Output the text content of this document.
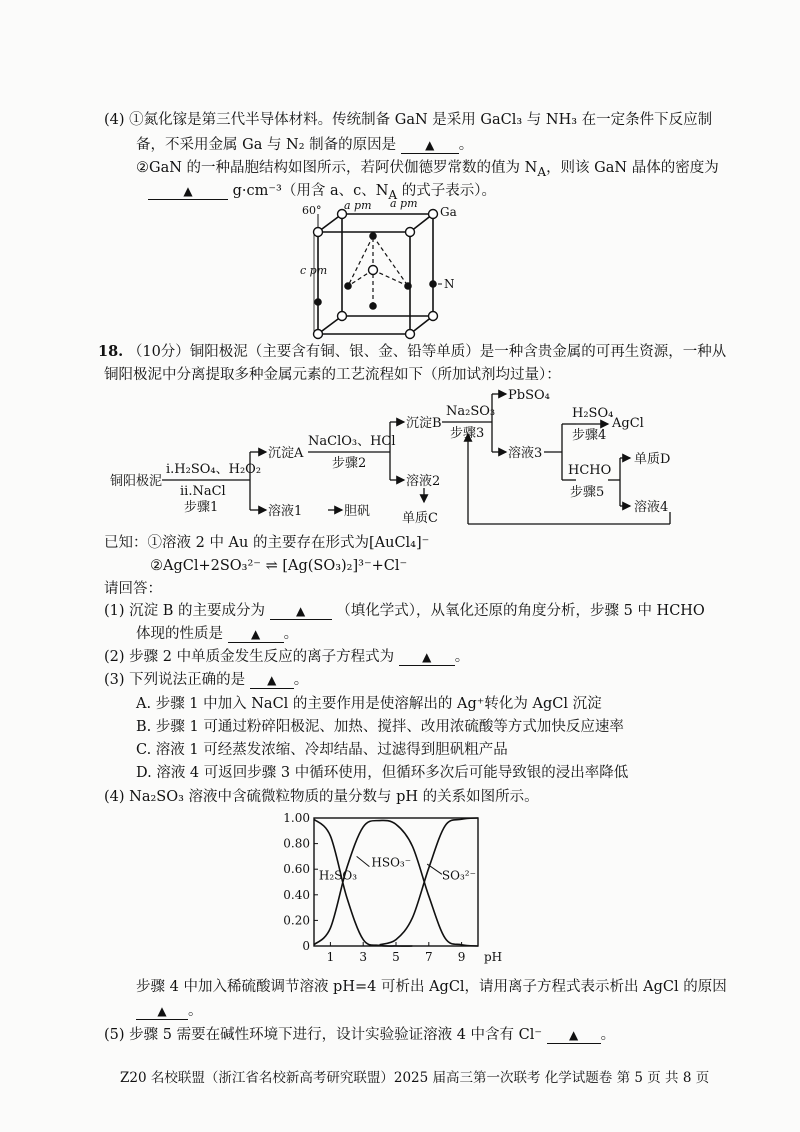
(4) ①氮化镓是第三代半导体材料。传统制备 GaN 是采用 GaCl₃ 与 NH₃ 在一定条件下反应制
备，不采用金属 Ga 与 N₂ 制备的原因是 ▲ 。
②GaN 的一种晶胞结构如图所示，若阿伏伽德罗常数的值为 $N_A$，则该 GaN 晶体的密度为
▲	g·cm⁻³（用含 a、c、$N_A$ 的式子表示）。
60° a pm a pm
Ga
N
c pm
18. （10分）铜阳极泥（主要含有铜、银、金、铅等单质）是一种含贵金属的可再生资源，一种从
铜阳极泥中分离提取多种金属元素的工艺流程如下（所加试剂均过量）：
铜阳极泥
i.H₂SO₄、H₂O₂
ii.NaCl
步骤1
沉淀A
溶液1	胆矾
NaClO₃、HCl
步骤2
沉淀B
溶液2
单质C
Na₂SO₃
步骤3
PbSO₄
溶液3
H₂SO₄
步骤4
AgCl
HCHO
步骤5
单质D
溶液4
已知：①溶液 2 中 Au 的主要存在形式为[AuCl₄]⁻
②AgCl+2SO₃²⁻ ⇌ [Ag(SO₃)₂]³⁻+Cl⁻
请回答：
(1) 沉淀 B 的主要成分为	▲ （填化学式），从氧化还原的角度分析，步骤 5 中 HCHO
体现的性质是 ▲ 。
(2) 步骤 2 中单质金发生反应的离子方程式为 ▲ 。
(3) 下列说法正确的是 ▲ 。
A. 步骤 1 中加入 NaCl 的主要作用是使溶解出的 Ag⁺转化为 AgCl 沉淀
B. 步骤 1 可通过粉碎阳极泥、加热、搅拌、改用浓硫酸等方式加快反应速率
C. 溶液 1 可经蒸发浓缩、冷却结晶、过滤得到胆矾粗产品
D. 溶液 4 可返回步骤 3 中循环使用，但循环多次后可能导致银的浸出率降低
(4) Na₂SO₃ 溶液中含硫微粒物质的量分数与 pH 的关系如图所示。
0
0.20
0.40
0.60
0.80
1.00
1 3 5 7 9 pH
H₂SO₃
HSO₃⁻
SO₃²⁻
步骤 4 中加入稀硫酸调节溶液 pH=4 可析出 AgCl，请用离子方程式表示析出 AgCl 的原因
▲ 。
(5) 步骤 5 需要在碱性环境下进行，设计实验验证溶液 4 中含有 Cl⁻ ▲ 。
Z20 名校联盟（浙江省名校新高考研究联盟）2025 届高三第一次联考 化学试题卷 第 5 页 共 8 页
